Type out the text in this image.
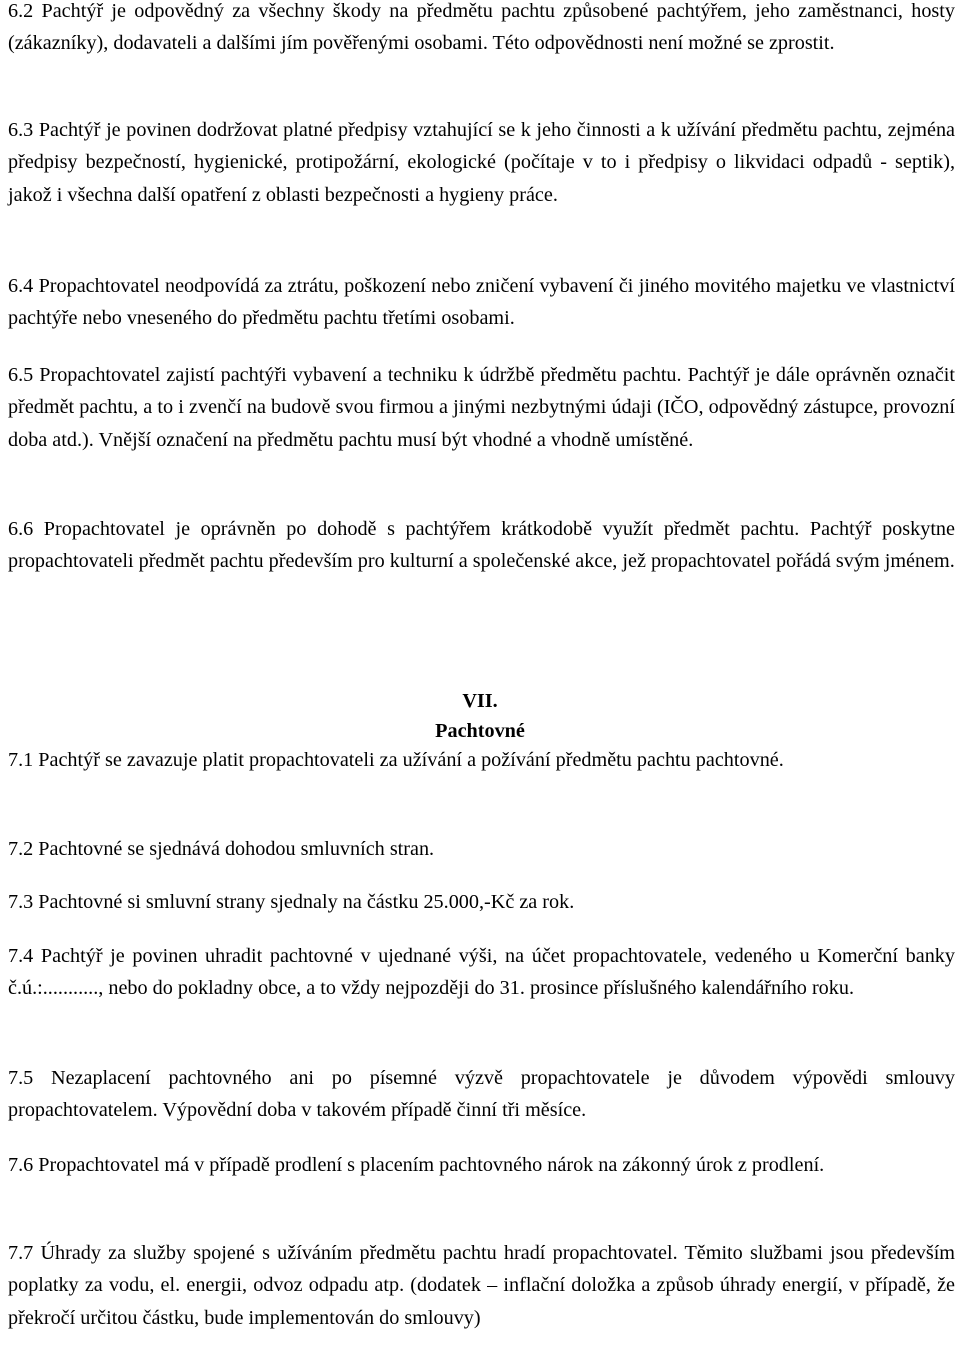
6.2 Pachtýř je odpovědný za všechny škody na předmětu pachtu způsobené pachtýřem, jeho zaměstnanci, hosty (zákazníky), dodavateli a dalšími jím pověřenými osobami. Této odpovědnosti není možné se zprostit.

6.3 Pachtýř je povinen dodržovat platné předpisy vztahující se k jeho činnosti a k užívání předmětu pachtu, zejména předpisy bezpečností, hygienické, protipožární, ekologické (počítaje v to i předpisy o likvidaci odpadů - septik), jakož i všechna další opatření z oblasti bezpečnosti a hygieny práce.

6.4 Propachtovatel neodpovídá za ztrátu, poškození nebo zničení vybavení či jiného movitého majetku ve vlastnictví pachtýře nebo vneseného do předmětu pachtu třetími osobami.

6.5 Propachtovatel zajistí pachtýři vybavení a techniku k údržbě předmětu pachtu. Pachtýř je dále oprávněn označit předmět pachtu, a to i zvenčí na budově svou firmou a jinými nezbytnými údaji (IČO, odpovědný zástupce, provozní doba atd.). Vnější označení na předmětu pachtu musí být vhodné a vhodně umístěné.

6.6 Propachtovatel je oprávněn po dohodě s pachtýřem krátkodobě využít předmět pachtu. Pachtýř poskytne propachtovateli předmět pachtu především pro kulturní a společenské akce, jež propachtovatel pořádá svým jménem.

VII.
Pachtovné

7.1 Pachtýř se zavazuje platit propachtovateli za užívání a požívání předmětu pachtu pachtovné.

7.2 Pachtovné se sjednává dohodou smluvních stran.

7.3 Pachtovné si smluvní strany sjednaly na částku 25.000,-Kč za rok.

7.4 Pachtýř je povinen uhradit pachtovné v ujednané výši, na účet propachtovatele, vedeného u Komerční banky č.ú.:..........., nebo do pokladny obce, a to vždy nejpozději do 31. prosince příslušného kalendářního roku.

7.5 Nezaplacení pachtovného ani po písemné výzvě propachtovatele je důvodem výpovědi smlouvy propachtovatelem. Výpovědní doba v takovém případě činní tři měsíce.

7.6 Propachtovatel má v případě prodlení s placením pachtovného nárok na zákonný úrok z prodlení.

7.7 Úhrady za služby spojené s užíváním předmětu pachtu hradí propachtovatel. Těmito službami jsou především poplatky za vodu, el. energii, odvoz odpadu atp. (dodatek – inflační doložka a způsob úhrady energií, v případě, že překročí určitou částku, bude implementován do smlouvy)
